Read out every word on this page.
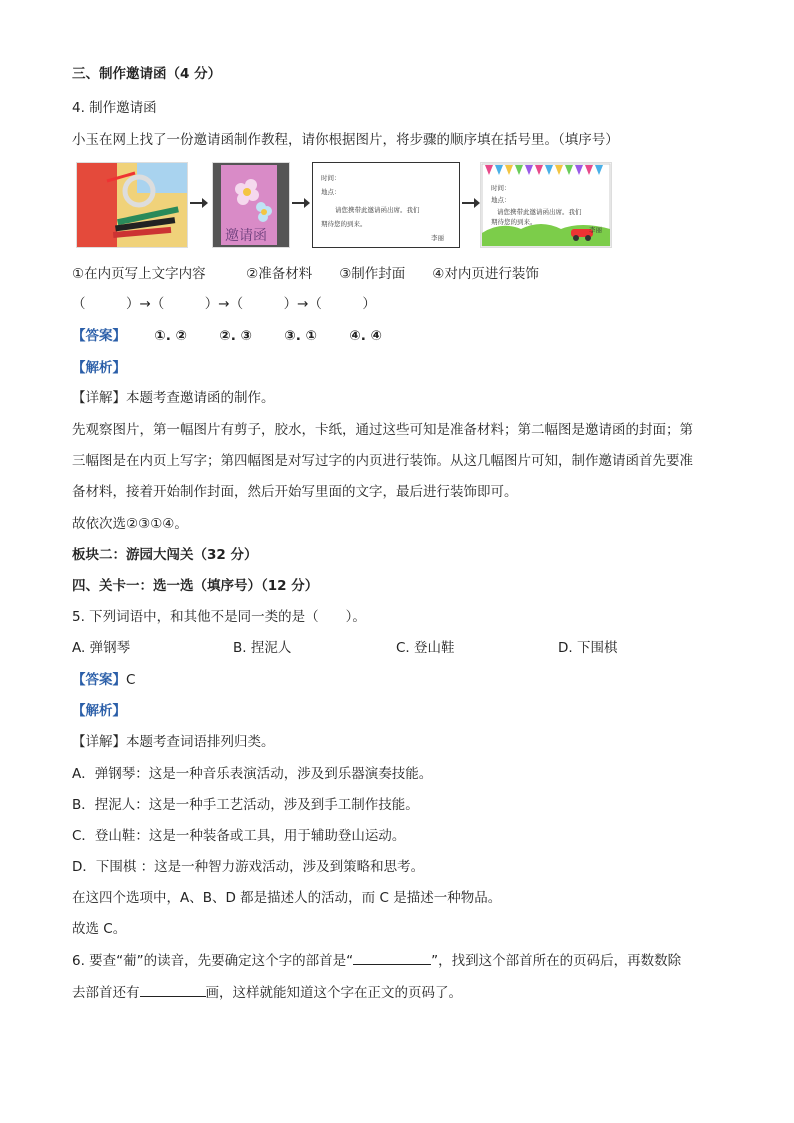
三、制作邀请函（4 分）
4. 制作邀请函
小玉在网上找了一份邀请函制作教程，请你根据图片，将步骤的顺序填在括号里。（填序号）
邀请函
时间：
地点：
请您携带此邀请函出席。我们
期待您的到来。
李丽
时间：
地点：
请您携带此邀请函出席。我们
期待您的到来。
李丽
①在内页写上文字内容　　　②准备材料　　③制作封面　　④对内页进行装饰
（　　　）→（　　　）→（　　　）→（　　　）
【答案】 ①. ② ②. ③ ③. ① ④. ④
【解析】
【详解】本题考查邀请函的制作。
先观察图片，第一幅图片有剪子，胶水，卡纸，通过这些可知是准备材料；第二幅图是邀请函的封面；第
三幅图是在内页上写字；第四幅图是对写过字的内页进行装饰。从这几幅图片可知，制作邀请函首先要准
备材料，接着开始制作封面，然后开始写里面的文字，最后进行装饰即可。
故依次选②③①④。
板块二：游园大闯关（32 分）
四、关卡一：选一选（填序号）（12 分）
5. 下列词语中，和其他不是同一类的是（　　）。
A. 弹钢琴	B. 捏泥人	C. 登山鞋	D. 下围棋
【答案】C
【解析】
【详解】本题考查词语排列归类。
A．弹钢琴：这是一种音乐表演活动，涉及到乐器演奏技能。
B．捏泥人：这是一种手工艺活动，涉及到手工制作技能。
C．登山鞋：这是一种装备或工具，用于辅助登山运动。
D．下围棋 ：这是一种智力游戏活动，涉及到策略和思考。
在这四个选项中，A、B、D 都是描述人的活动，而 C 是描述一种物品。
故选 C。
6. 要查“葡”的读音，先要确定这个字的部首是“	”，找到这个部首所在的页码后，再数数除
去部首还有	画，这样就能知道这个字在正文的页码了。
